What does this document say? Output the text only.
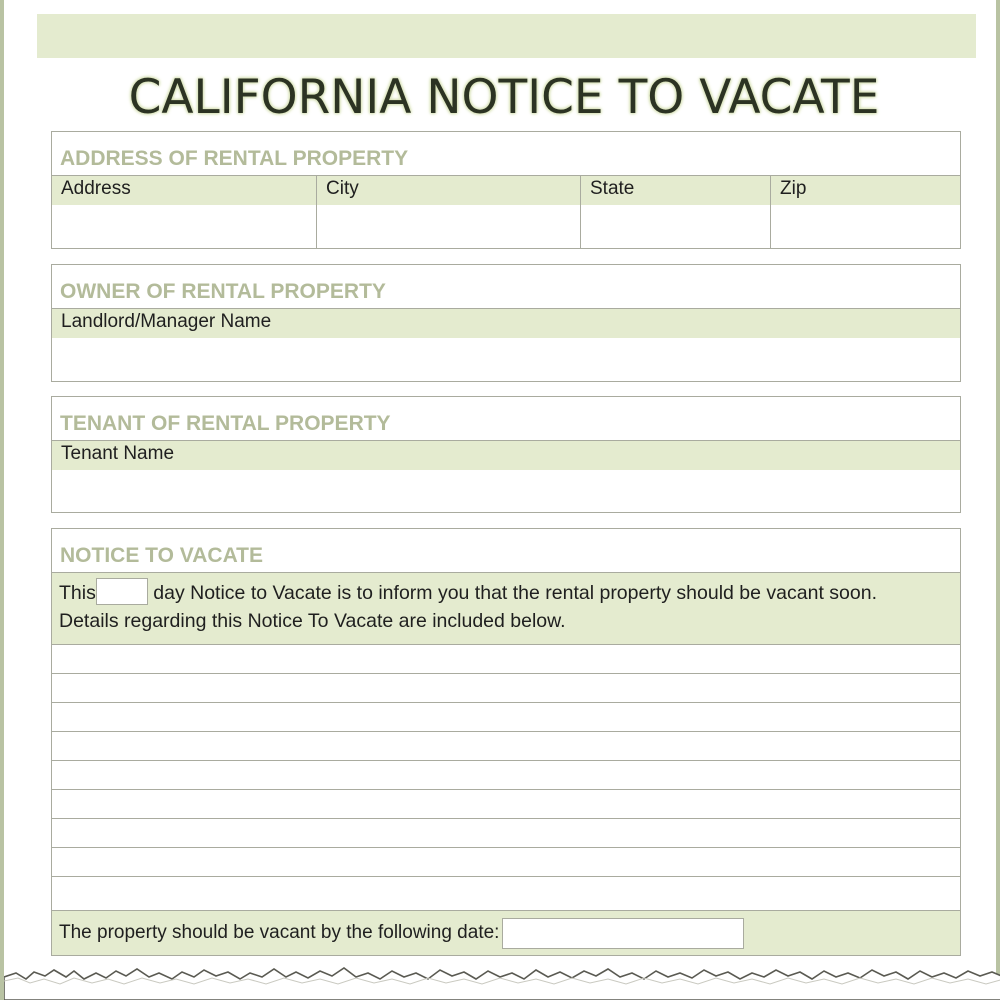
CALIFORNIA NOTICE TO VACATE
ADDRESS OF RENTAL PROPERTY
Address	City	State	Zip
OWNER OF RENTAL PROPERTY
Landlord/Manager Name
TENANT OF RENTAL PROPERTY
Tenant Name
NOTICE TO VACATE
This	day Notice to Vacate is to inform you that the rental property should be vacant soon.
Details regarding this Notice To Vacate are included below.
The property should be vacant by the following date:
